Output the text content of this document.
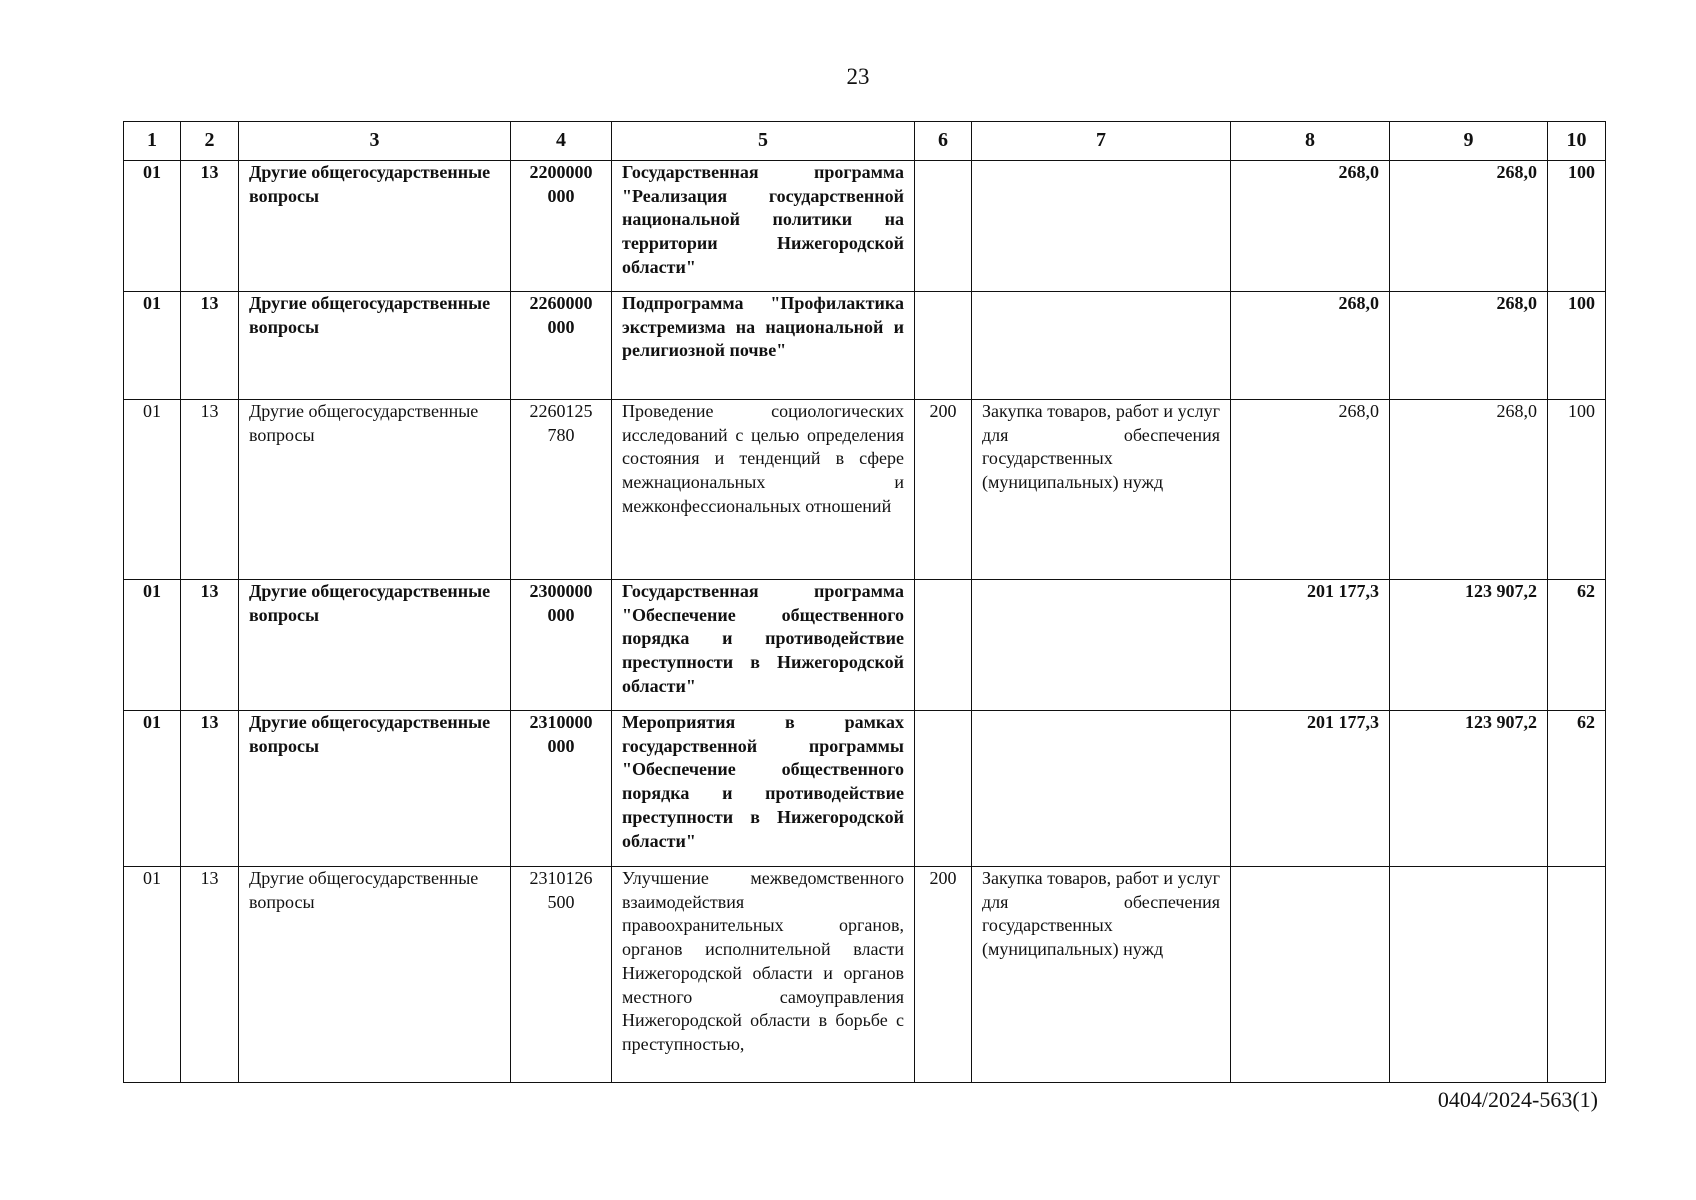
23
1	2	3	4	5	6	7	8	9	10
01	13	Другие общегосударственные вопросы	2200000 000	Государственная программа "Реализация государственной национальной политики на территории Нижегородской области"			268,0	268,0	100
01	13	Другие общегосударственные вопросы	2260000 000	Подпрограмма "Профилактика экстремизма на национальной и религиозной почве"			268,0	268,0	100
01	13	Другие общегосударственные вопросы	2260125 780	Проведение социологических исследований с целью определения состояния и тенденций в сфере межнациональных и межконфессиональных отношений	200	Закупка товаров, работ и услуг для обеспечения государственных (муниципальных) нужд	268,0	268,0	100
01	13	Другие общегосударственные вопросы	2300000 000	Государственная программа "Обеспечение общественного порядка и противодействие преступности в Нижегородской области"			201 177,3	123 907,2	62
01	13	Другие общегосударственные вопросы	2310000 000	Мероприятия в рамках государственной программы "Обеспечение общественного порядка и противодействие преступности в Нижегородской области"			201 177,3	123 907,2	62
01	13	Другие общегосударственные вопросы	2310126 500	Улучшение межведомственного взаимодействия правоохранительных органов, органов исполнительной власти Нижегородской области и органов местного самоуправления Нижегородской области в борьбе с преступностью,	200	Закупка товаров, работ и услуг для обеспечения государственных (муниципальных) нужд			
0404/2024-563(1)
